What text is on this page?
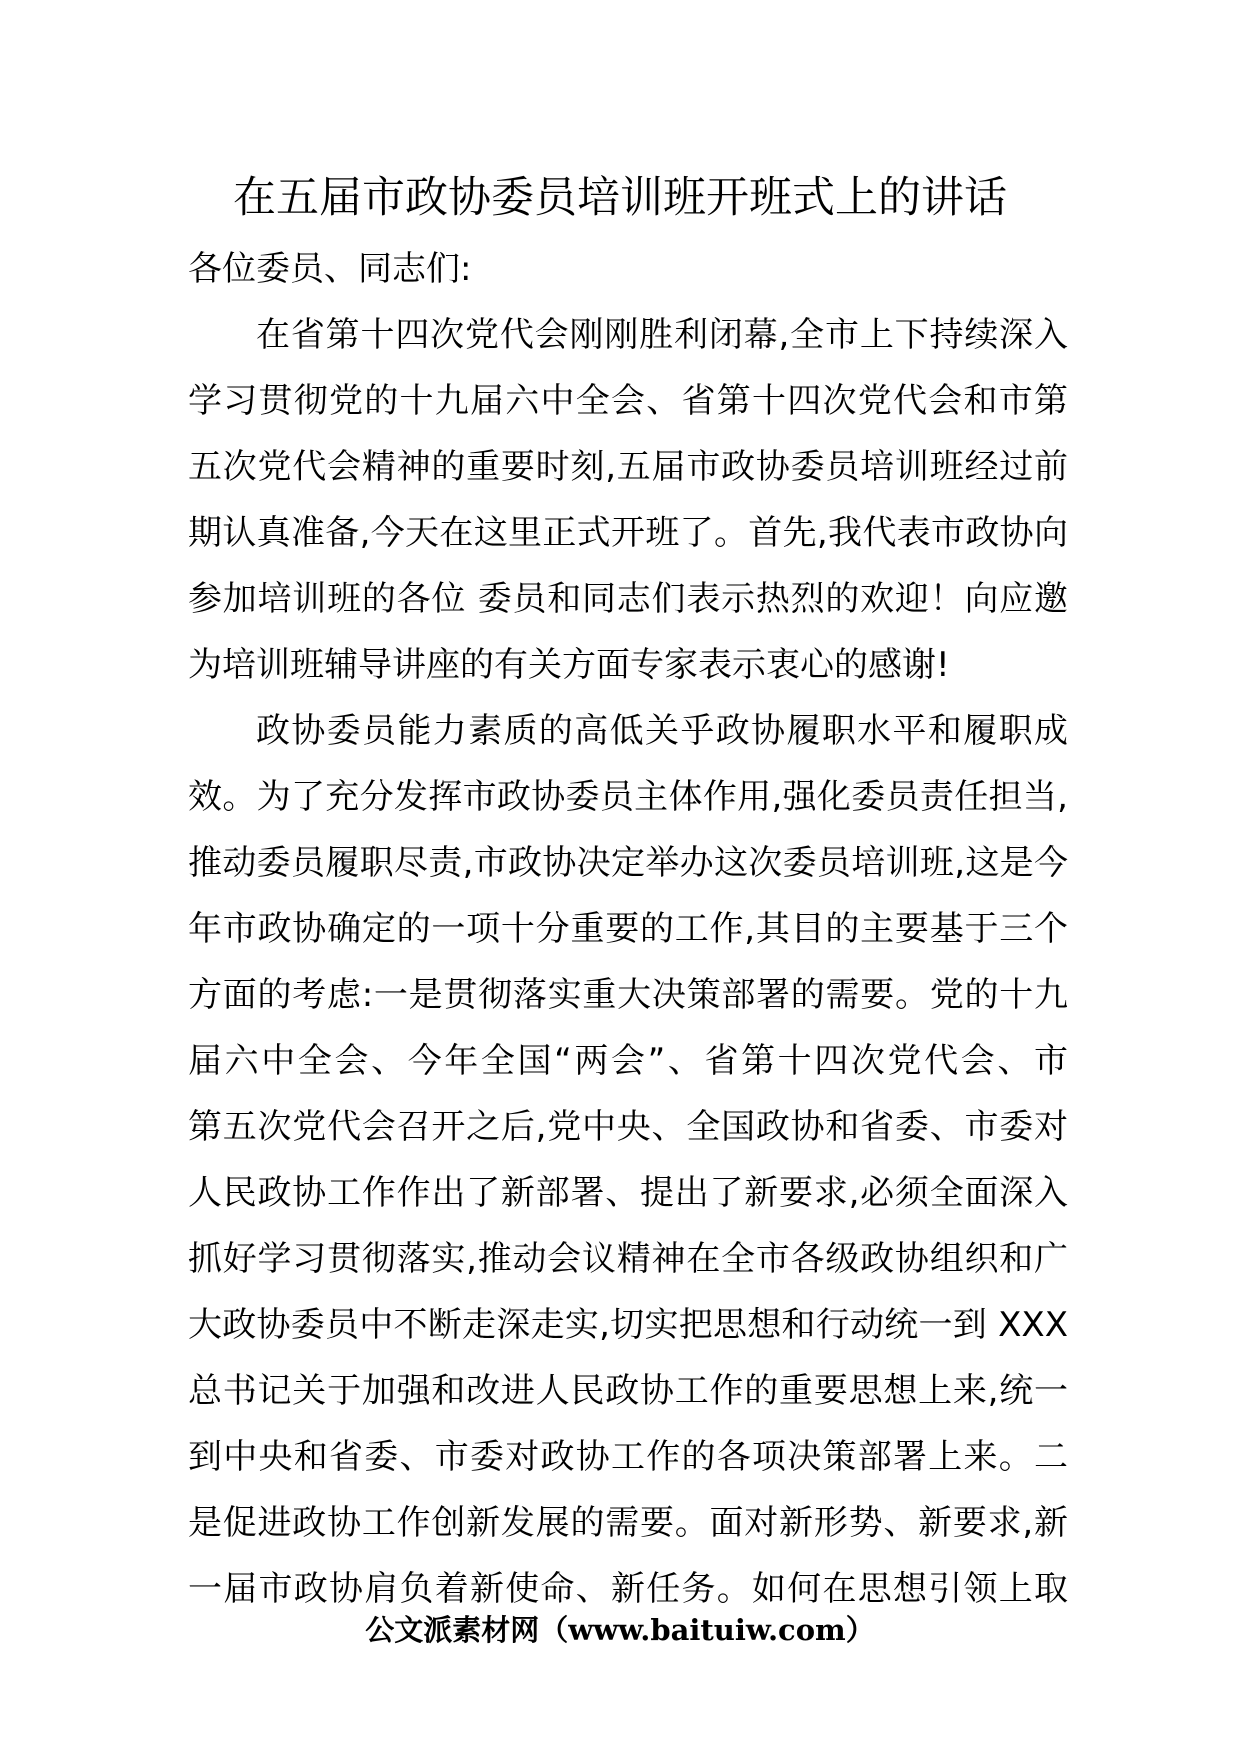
在五届市政协委员培训班开班式上的讲话

各位委员、同志们:

在省第十四次党代会刚刚胜利闭幕,全市上下持续深入
学习贯彻党的十九届六中全会、省第十四次党代会和市第
五次党代会精神的重要时刻,五届市政协委员培训班经过前
期认真准备,今天在这里正式开班了。首先,我代表市政协向
参加培训班的各位 委员和同志们表示热烈的欢迎！向应邀
为培训班辅导讲座的有关方面专家表示衷心的感谢!

政协委员能力素质的高低关乎政协履职水平和履职成
效。为了充分发挥市政协委员主体作用,强化委员责任担当,
推动委员履职尽责,市政协决定举办这次委员培训班,这是今
年市政协确定的一项十分重要的工作,其目的主要基于三个
方面的考虑:一是贯彻落实重大决策部署的需要。党的十九
届六中全会、今年全国“两会”、省第十四次党代会、市
第五次党代会召开之后,党中央、全国政协和省委、市委对
人民政协工作作出了新部署、提出了新要求,必须全面深入
抓好学习贯彻落实,推动会议精神在全市各级政协组织和广
大政协委员中不断走深走实,切实把思想和行动统一到 XXX
总书记关于加强和改进人民政协工作的重要思想上来,统一
到中央和省委、市委对政协工作的各项决策部署上来。二
是促进政协工作创新发展的需要。面对新形势、新要求,新
一届市政协肩负着新使命、新任务。如何在思想引领上取

公文派素材网（www.baituiw.com）
